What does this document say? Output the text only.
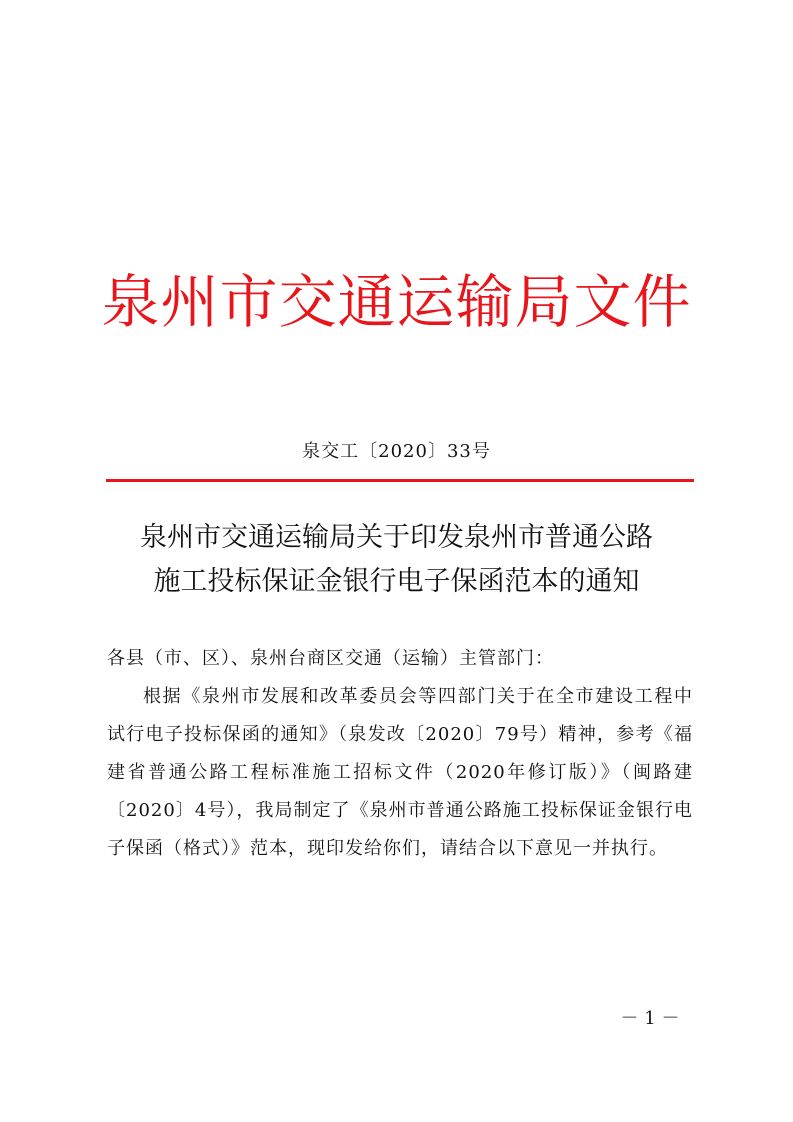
泉州市交通运输局文件
泉交工〔2020〕33号
泉州市交通运输局关于印发泉州市普通公路
施工投标保证金银行电子保函范本的通知

各县（市、区）、泉州台商区交通（运输）主管部门：

根据《泉州市发展和改革委员会等四部门关于在全市建设工程中试行电子投标保函的通知》（泉发改〔2020〕79号）精神，参考《福建省普通公路工程标准施工招标文件（2020年修订版）》（闽路建〔2020〕4号），我局制定了《泉州市普通公路施工投标保证金银行电子保函（格式）》范本，现印发给你们，请结合以下意见一并执行。

－ 1 －
